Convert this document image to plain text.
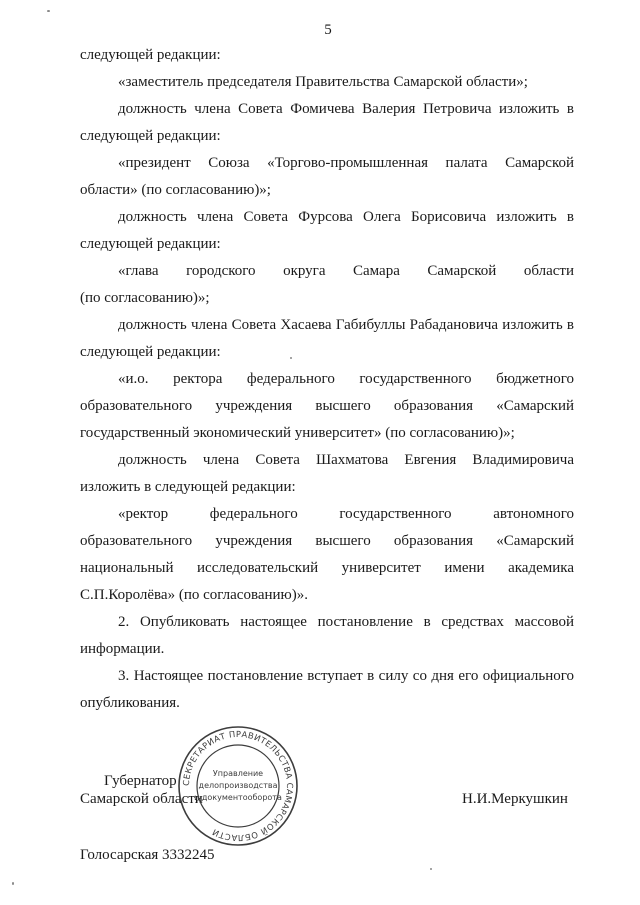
5
следующей редакции:
«заместитель председателя Правительства Самарской области»;
должность члена Совета Фомичева Валерия Петровича изложить в
следующей редакции:
«президент Союза «Торгово-промышленная палата Самарской
области» (по согласованию)»;
должность члена Совета Фурсова Олега Борисовича изложить в
следующей редакции:
«глава городского округа Самара Самарской области
(по согласованию)»;
должность члена Совета Хасаева Габибуллы Рабадановича изложить в
следующей редакции:
«и.о. ректора федерального государственного бюджетного
образовательного учреждения высшего образования «Самарский
государственный экономический университет» (по согласованию)»;
должность члена Совета Шахматова Евгения Владимировича
изложить в следующей редакции:
«ректор федерального государственного автономного
образовательного учреждения высшего образования «Самарский
национальный исследовательский университет имени академика
С.П.Королёва» (по согласованию)».
2. Опубликовать настоящее постановление в средствах массовой
информации.
3. Настоящее постановление вступает в силу со дня его официального
опубликования.
Губернатор
Самарской области	Н.И.Меркушкин
СЕКРЕТАРИАТ ПРАВИТЕЛЬСТВА САМАРСКОЙ ОБЛАСТИ
Управление
делопроизводства
и документооборота
Голосарская 3332245
